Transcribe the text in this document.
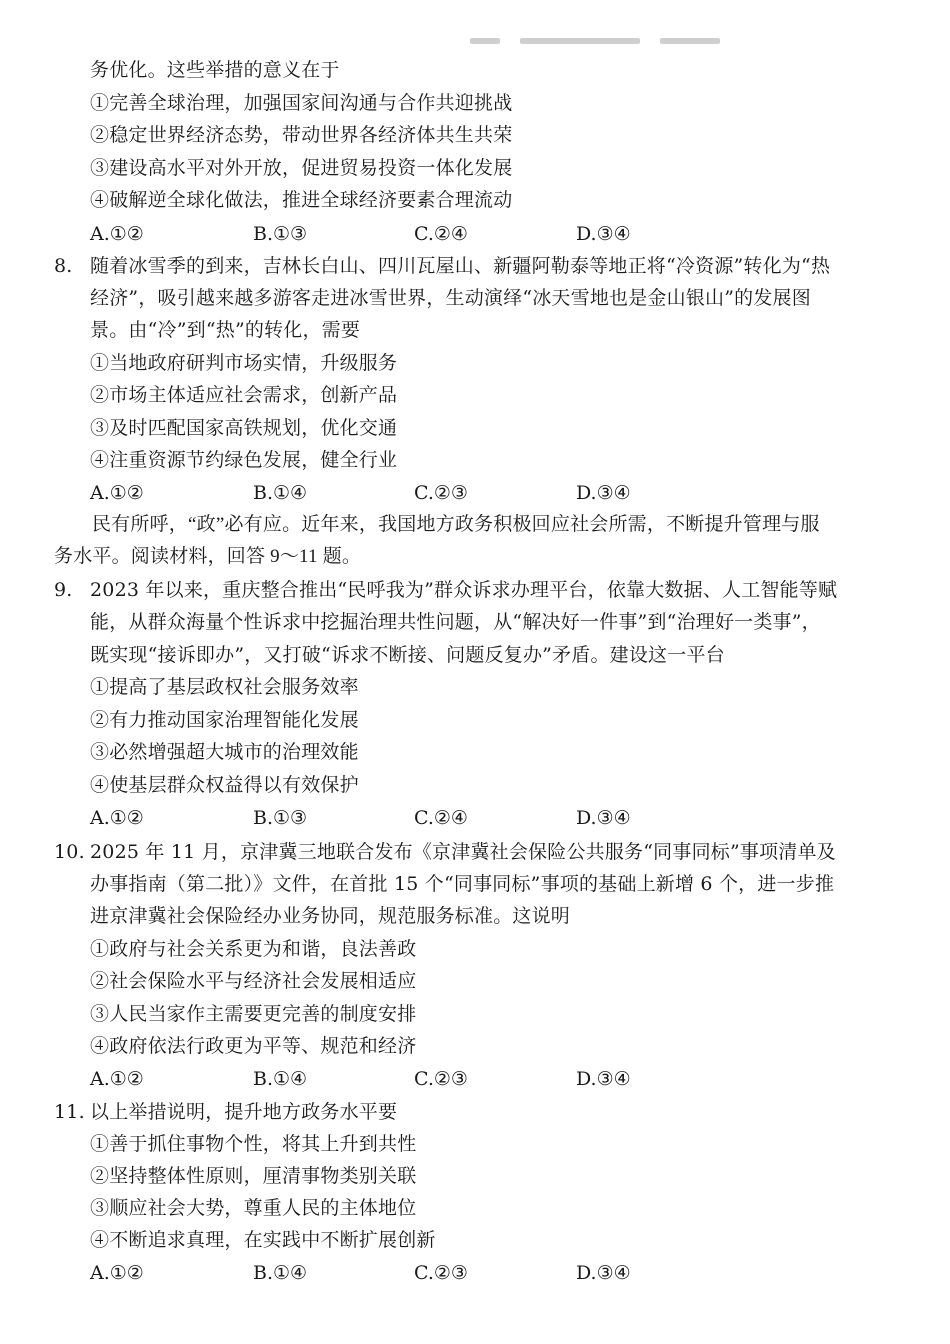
务优化。这些举措的意义在于
①完善全球治理，加强国家间沟通与合作共迎挑战
②稳定世界经济态势，带动世界各经济体共生共荣
③建设高水平对外开放，促进贸易投资一体化发展
④破解逆全球化做法，推进全球经济要素合理流动
A.①②	B.①③	C.②④	D.③④
8. 随着冰雪季的到来，吉林长白山、四川瓦屋山、新疆阿勒泰等地正将“冷资源”转化为“热
经济”，吸引越来越多游客走进冰雪世界，生动演绎“冰天雪地也是金山银山”的发展图
景。由“冷”到“热”的转化，需要
①当地政府研判市场实情，升级服务
②市场主体适应社会需求，创新产品
③及时匹配国家高铁规划，优化交通
④注重资源节约绿色发展，健全行业
A.①②	B.①④	C.②③	D.③④
民有所呼，“政”必有应。近年来，我国地方政务积极回应社会所需，不断提升管理与服
务水平。阅读材料，回答 9～11 题。
9. 2023 年以来，重庆整合推出“民呼我为”群众诉求办理平台，依靠大数据、人工智能等赋
能，从群众海量个性诉求中挖掘治理共性问题，从“解决好一件事”到“治理好一类事”，
既实现“接诉即办”，又打破“诉求不断接、问题反复办”矛盾。建设这一平台
①提高了基层政权社会服务效率
②有力推动国家治理智能化发展
③必然增强超大城市的治理效能
④使基层群众权益得以有效保护
A.①②	B.①③	C.②④	D.③④
10. 2025 年 11 月，京津冀三地联合发布《京津冀社会保险公共服务“同事同标”事项清单及
办事指南（第二批）》文件，在首批 15 个“同事同标”事项的基础上新增 6 个，进一步推
进京津冀社会保险经办业务协同，规范服务标准。这说明
①政府与社会关系更为和谐，良法善政
②社会保险水平与经济社会发展相适应
③人民当家作主需要更完善的制度安排
④政府依法行政更为平等、规范和经济
A.①②	B.①④	C.②③	D.③④
11. 以上举措说明，提升地方政务水平要
①善于抓住事物个性，将其上升到共性
②坚持整体性原则，厘清事物类别关联
③顺应社会大势，尊重人民的主体地位
④不断追求真理，在实践中不断扩展创新
A.①②	B.①④	C.②③	D.③④
